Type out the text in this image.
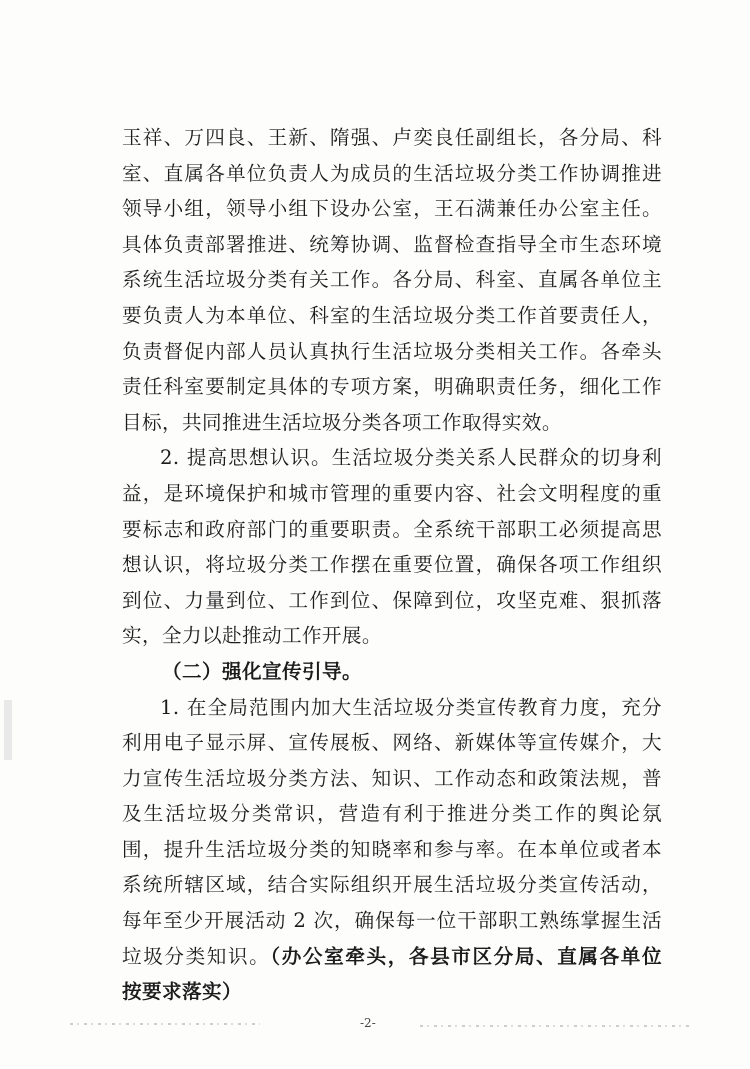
玉祥、万四良、王新、隋强、卢奕良任副组长，各分局、科
室、直属各单位负责人为成员的生活垃圾分类工作协调推进
领导小组，领导小组下设办公室，王石满兼任办公室主任。
具体负责部署推进、统筹协调、监督检查指导全市生态环境
系统生活垃圾分类有关工作。各分局、科室、直属各单位主
要负责人为本单位、科室的生活垃圾分类工作首要责任人，
负责督促内部人员认真执行生活垃圾分类相关工作。各牵头
责任科室要制定具体的专项方案，明确职责任务，细化工作
目标，共同推进生活垃圾分类各项工作取得实效。
2. 提高思想认识。生活垃圾分类关系人民群众的切身利
益，是环境保护和城市管理的重要内容、社会文明程度的重
要标志和政府部门的重要职责。全系统干部职工必须提高思
想认识，将垃圾分类工作摆在重要位置，确保各项工作组织
到位、力量到位、工作到位、保障到位，攻坚克难、狠抓落
实，全力以赴推动工作开展。
（二）强化宣传引导。
1. 在全局范围内加大生活垃圾分类宣传教育力度，充分
利用电子显示屏、宣传展板、网络、新媒体等宣传媒介，大
力宣传生活垃圾分类方法、知识、工作动态和政策法规，普
及生活垃圾分类常识，营造有利于推进分类工作的舆论氛
围，提升生活垃圾分类的知晓率和参与率。在本单位或者本
系统所辖区域，结合实际组织开展生活垃圾分类宣传活动，
每年至少开展活动 2 次，确保每一位干部职工熟练掌握生活
垃圾分类知识。（办公室牵头，各县市区分局、直属各单位
按要求落实）
-2-
